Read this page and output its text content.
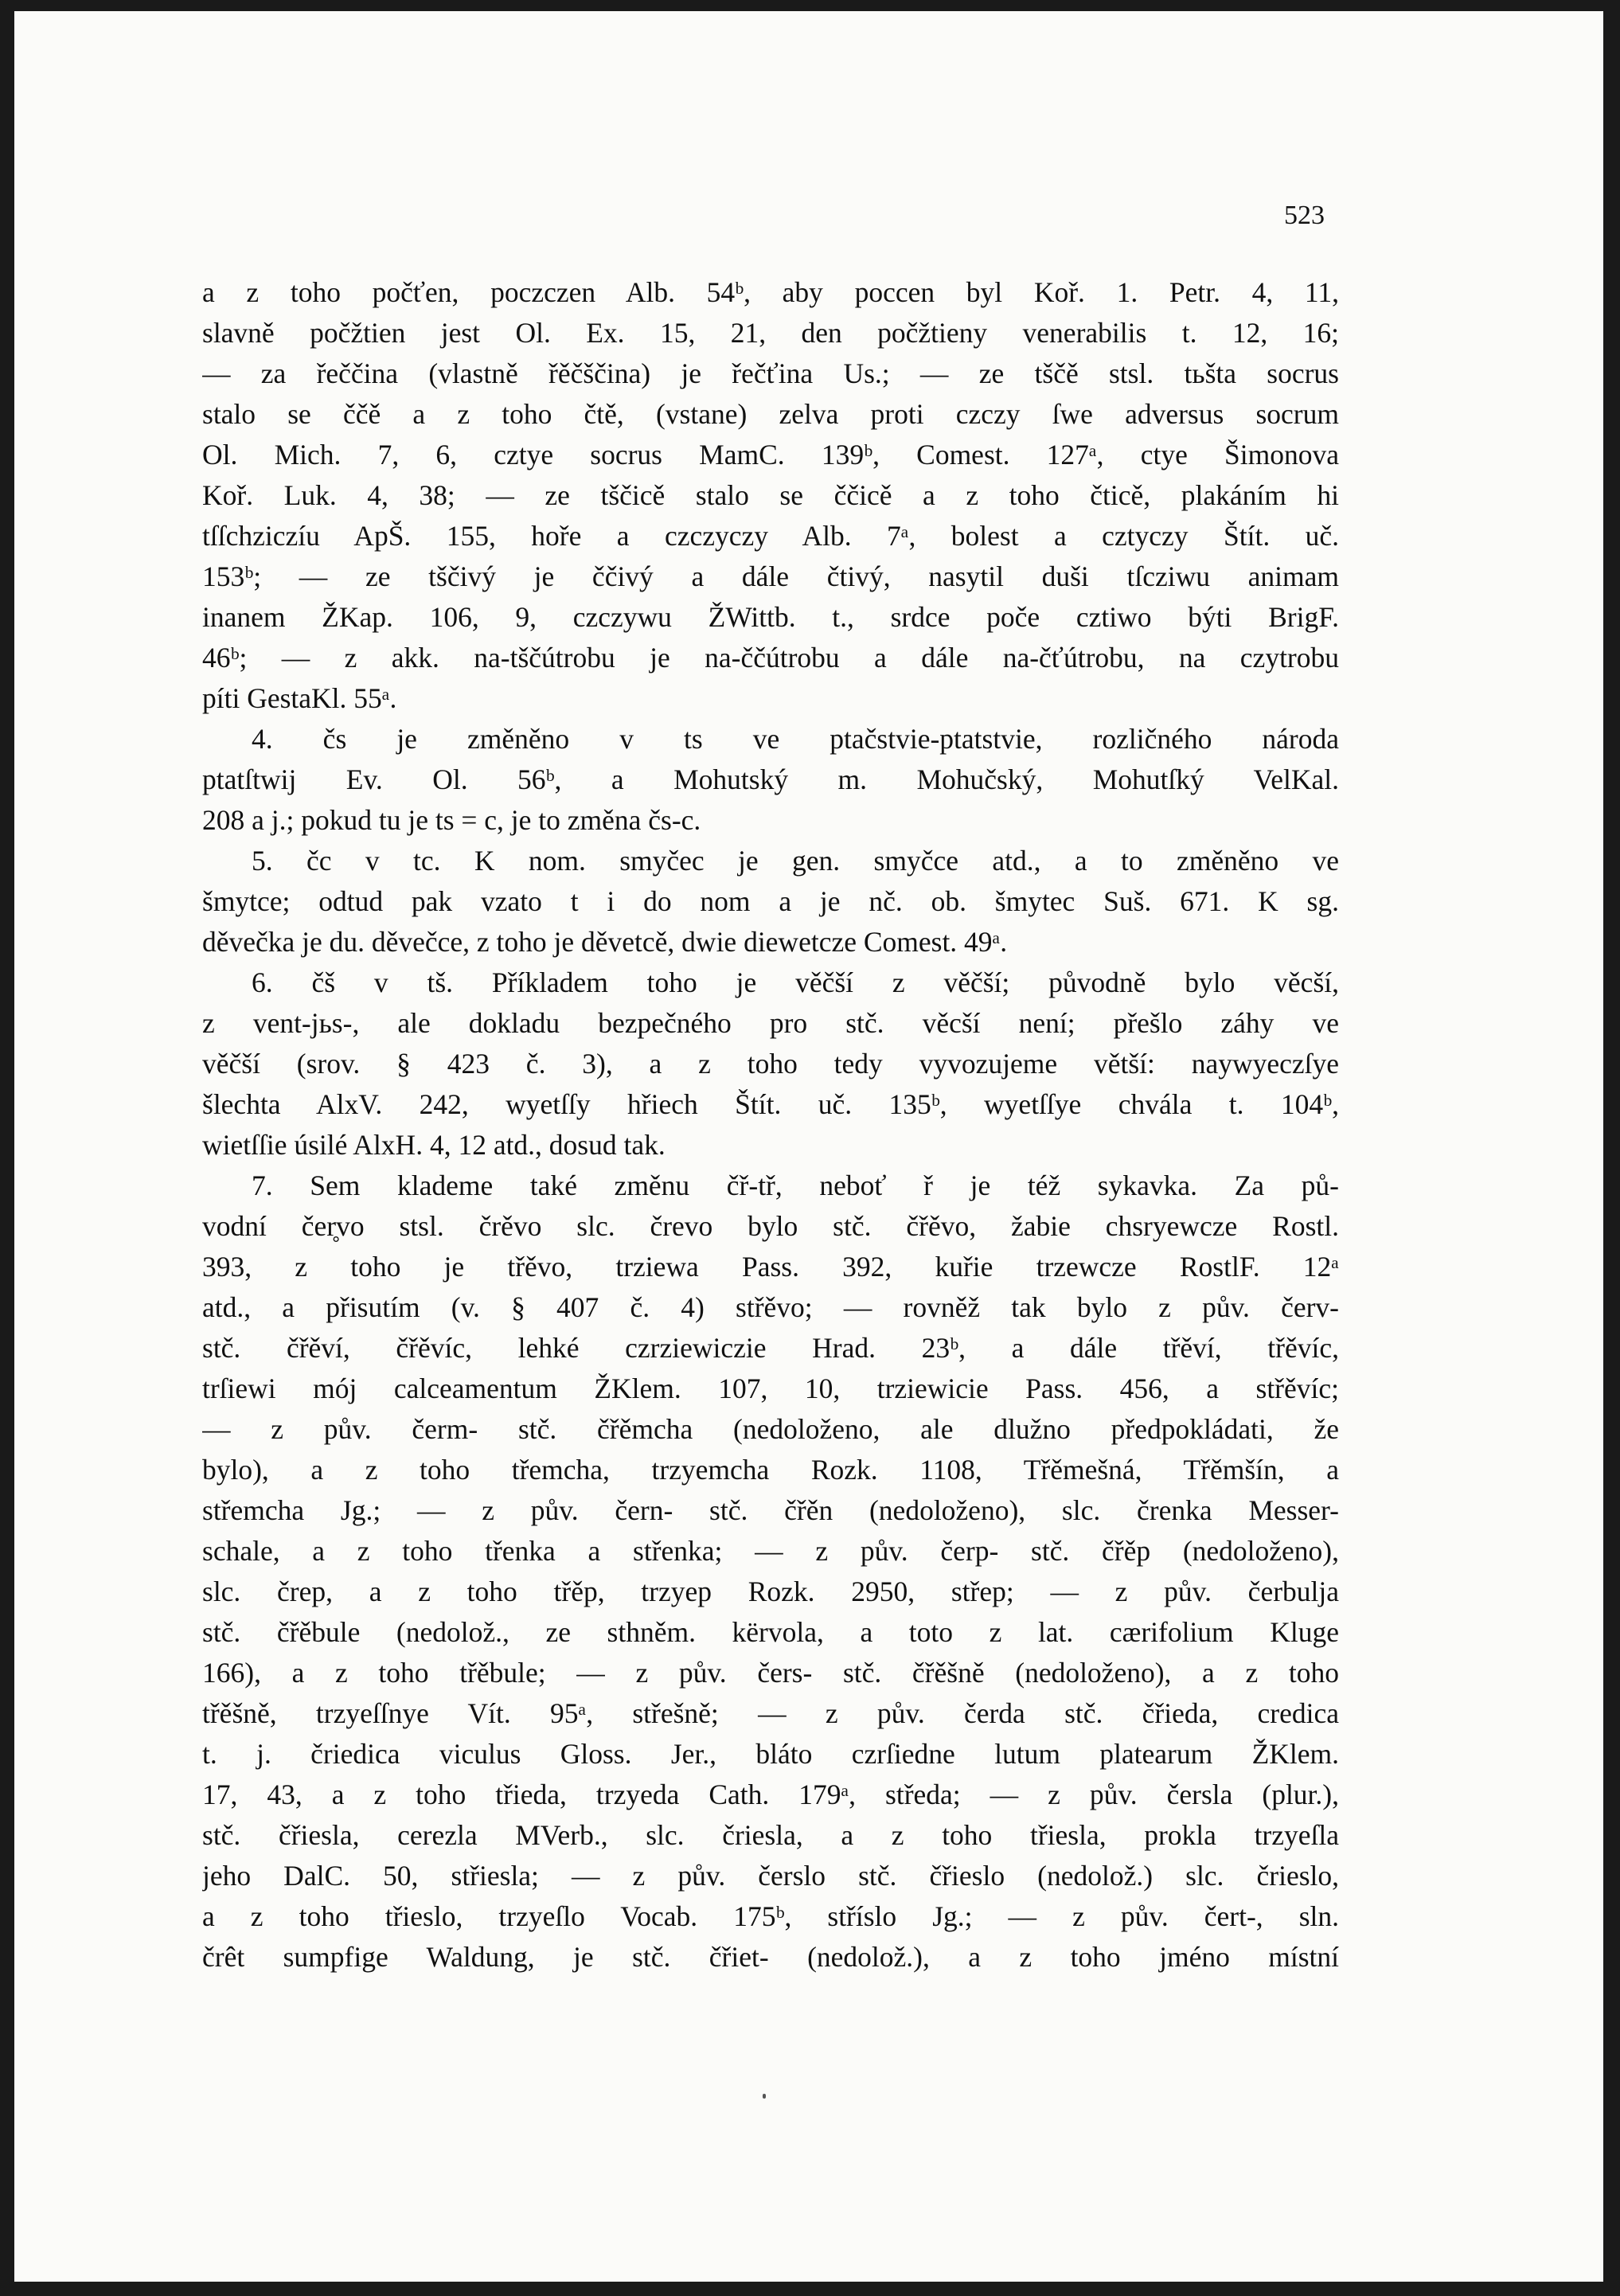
523
a z toho počťen, poczczen Alb. 54ᵇ, aby poccen byl Koř. 1. Petr. 4, 11,
slavně počžtien jest Ol. Ex. 15, 21, den počžtieny venerabilis t. 12, 16;
— za řeččina (vlastně řěčščina) je řečťina Us.; — ze tščě stsl. tьšta socrus
stalo se ččě a z toho čtě, (vstane) zelva proti czczy ſwe adversus socrum
Ol. Mich. 7, 6, cztye socrus MamC. 139ᵇ, Comest. 127ᵃ, ctye Šimonova
Koř. Luk. 4, 38; — ze tščicě stalo se ččicě a z toho čticě, plakáním hi
tſſchziczíu ApŠ. 155, hoře a czczyczy Alb. 7ᵃ, bolest a cztyczy Štít. uč.
153ᵇ; — ze tščivý je ččivý a dále čtivý, nasytil duši tſcziwu animam
inanem ŽKap. 106, 9, czczywu ŽWittb. t., srdce poče cztiwo býti BrigF.
46ᵇ; — z akk. na-tščútrobu je na-ččútrobu a dále na-čťútrobu, na czytrobu
píti GestaKl. 55ᵃ.
4. čs je změněno v ts ve ptačstvie-ptatstvie, rozličného národa
ptatſtwij Ev. Ol. 56ᵇ, a Mohutský m. Mohučský, Mohutſký VelKal.
208 a j.; pokud tu je ts = c, je to změna čs-c.
5. čc v tc. K nom. smyčec je gen. smyčce atd., a to změněno ve
šmytce; odtud pak vzato t i do nom a je nč. ob. šmytec Suš. 671. K sg.
děvečka je du. děvečce, z toho je děvetcě, dwie diewetcze Comest. 49ᵃ.
6. čš v tš. Příkladem toho je věčší z věčší; původně bylo věcší,
z vent-jьs-, ale dokladu bezpečného pro stč. věcší není; přešlo záhy ve
věčší (srov. § 423 č. 3), a z toho tedy vyvozujeme větší: naywyeczſye
šlechta AlxV. 242, wyetſſy hřiech Štít. uč. 135ᵇ, wyetſſye chvála t. 104ᵇ,
wietſſie úsilé AlxH. 4, 12 atd., dosud tak.
7. Sem klademe také změnu čř-tř, neboť ř je též sykavka. Za pů-
vodní čer̥vo stsl. črěvo slc. črevo bylo stč. čřěvo, žabie chsryewcze Rostl.
393, z toho je třěvo, trziewa Pass. 392, kuřie trzewcze RostlF. 12ᵃ
atd., a přisutím (v. § 407 č. 4) střěvo; — rovněž tak bylo z pův. červ-
stč. čřěví, čřěvíc, lehké czrziewiczie Hrad. 23ᵇ, a dále třěví, třěvíc,
trſiewi mój calceamentum ŽKlem. 107, 10, trziewicie Pass. 456, a střěvíc;
— z pův. čerm- stč. čřěmcha (nedoloženo, ale dlužno předpokládati, že
bylo), a z toho třemcha, trzyemcha Rozk. 1108, Třěmešná, Třěmšín, a
střemcha Jg.; — z pův. čern- stč. čřěn (nedoloženo), slc. črenka Messer-
schale, a z toho třenka a střenka; — z pův. čerp- stč. čřěp (nedoloženo),
slc. črep, a z toho třěp, trzyep Rozk. 2950, střep; — z pův. čerbulja
stč. čřěbule (nedolož., ze sthněm. kërvola, a toto z lat. cærifolium Kluge
166), a z toho třěbule; — z pův. čers- stč. čřěšně (nedoloženo), a z toho
třěšně, trzyeſſnye Vít. 95ᵃ, střešně; — z pův. čerda stč. čřieda, credica
t. j. čriedica viculus Gloss. Jer., bláto czrſiedne lutum platearum ŽKlem.
17, 43, a z toho třieda, trzyeda Cath. 179ᵃ, středa; — z pův. čersla (plur.),
stč. čřiesla, cerezla MVerb., slc. čriesla, a z toho třiesla, prokla trzyeſla
jeho DalC. 50, střiesla; — z pův. čerslo stč. čřieslo (nedolož.) slc. črieslo,
a z toho třieslo, trzyeſlo Vocab. 175ᵇ, stříslo Jg.; — z pův. čert-, sln.
črêt sumpfige Waldung, je stč. čřiet- (nedolož.), a z toho jméno místní
